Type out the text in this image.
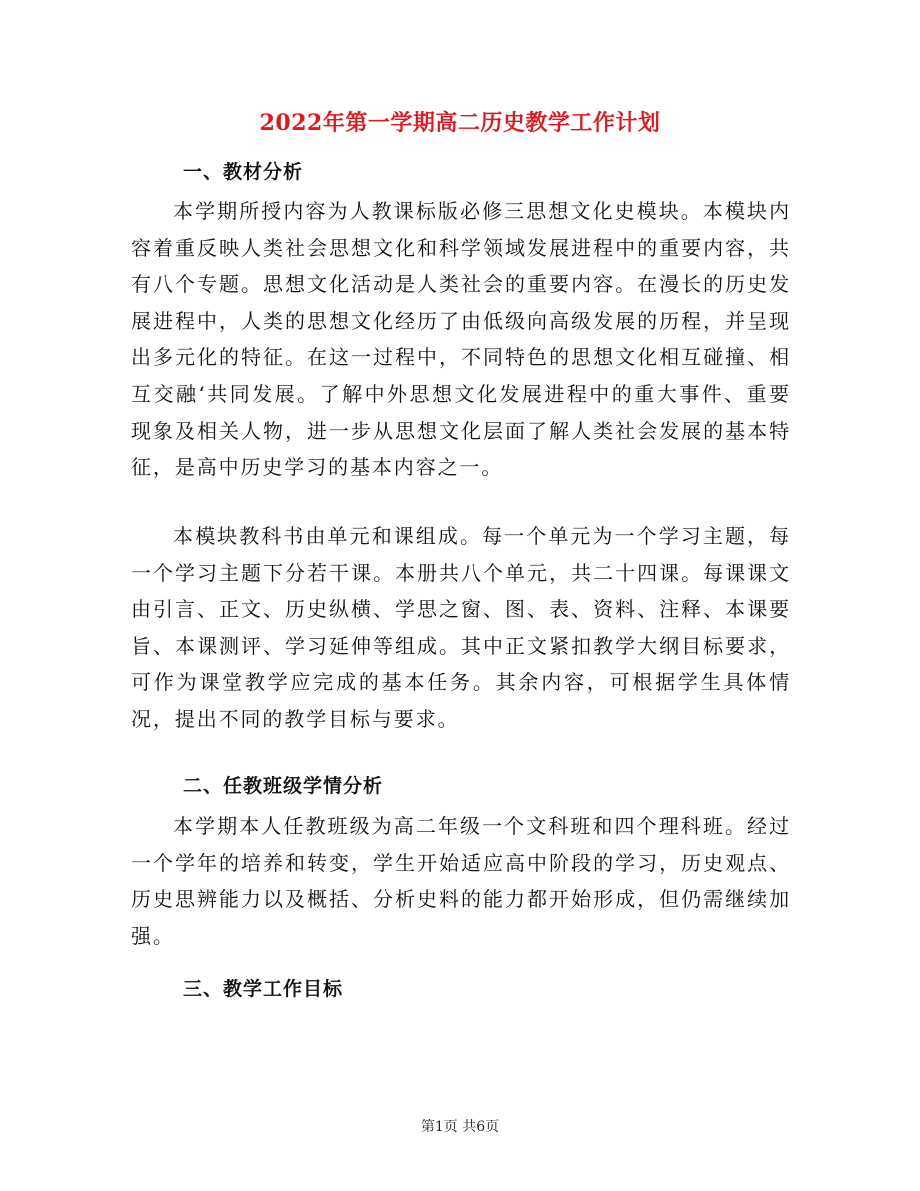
2022年第一学期高二历史教学工作计划
一、教材分析
本学期所授内容为人教课标版必修三思想文化史模块。本模块内容着重反映人类社会思想文化和科学领域发展进程中的重要内容，共有八个专题。思想文化活动是人类社会的重要内容。在漫长的历史发展进程中，人类的思想文化经历了由低级向高级发展的历程，并呈现出多元化的特征。在这一过程中，不同特色的思想文化相互碰撞、相互交融‘共同发展。了解中外思想文化发展进程中的重大事件、重要现象及相关人物，进一步从思想文化层面了解人类社会发展的基本特征，是高中历史学习的基本内容之一。
本模块教科书由单元和课组成。每一个单元为一个学习主题，每一个学习主题下分若干课。本册共八个单元，共二十四课。每课课文由引言、正文、历史纵横、学思之窗、图、表、资料、注释、本课要旨、本课测评、学习延伸等组成。其中正文紧扣教学大纲目标要求，可作为课堂教学应完成的基本任务。其余内容，可根据学生具体情况，提出不同的教学目标与要求。
二、任教班级学情分析
本学期本人任教班级为高二年级一个文科班和四个理科班。经过一个学年的培养和转变，学生开始适应高中阶段的学习，历史观点、历史思辨能力以及概括、分析史料的能力都开始形成，但仍需继续加强。
三、教学工作目标
第1页 共6页
